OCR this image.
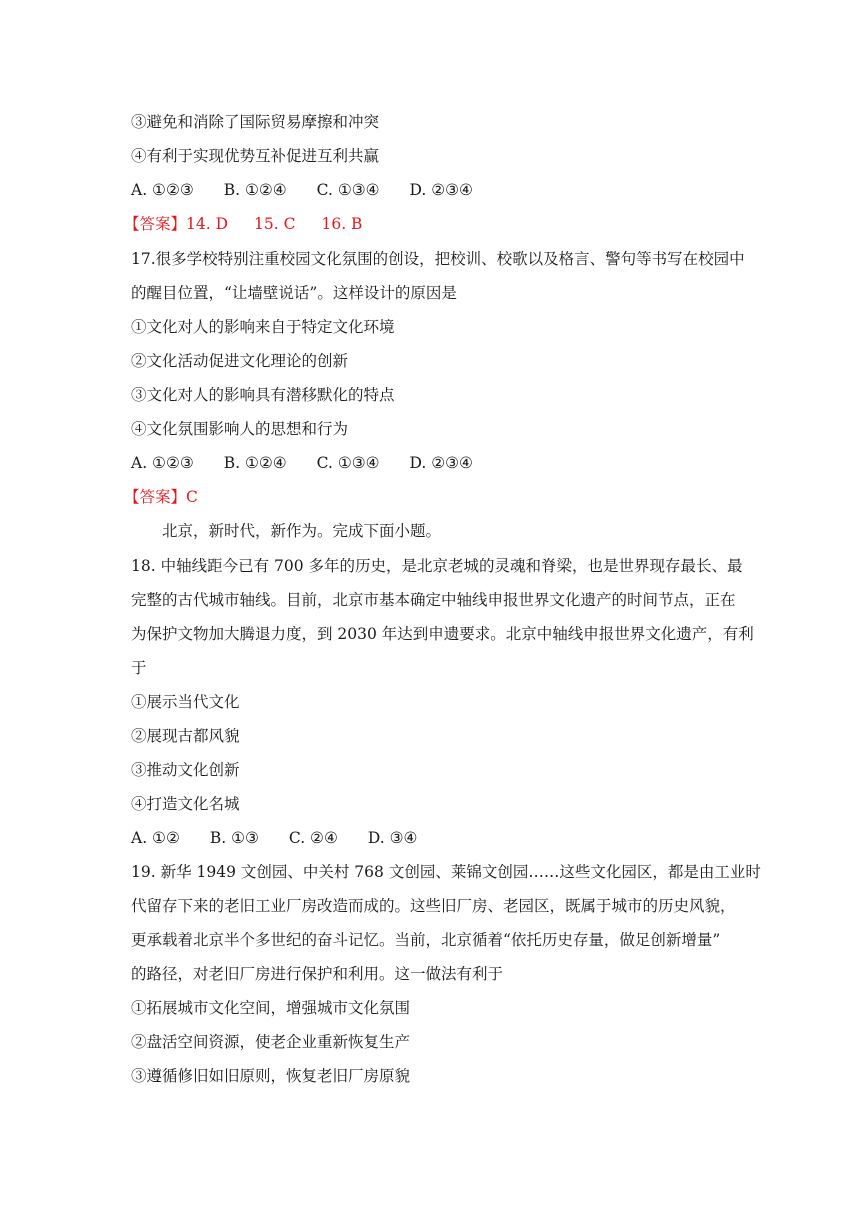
③避免和消除了国际贸易摩擦和冲突
④有利于实现优势互补促进互利共赢
A. ①②③ B. ①②④ C. ①③④ D. ②③④
【答案】14. D 15. C 16. B
17.很多学校特别注重校园文化氛围的创设，把校训、校歌以及格言、警句等书写在校园中
的醒目位置，“让墙壁说话”。这样设计的原因是
①文化对人的影响来自于特定文化环境
②文化活动促进文化理论的创新
③文化对人的影响具有潜移默化的特点
④文化氛围影响人的思想和行为
A. ①②③ B. ①②④ C. ①③④ D. ②③④
【答案】C
北京，新时代，新作为。完成下面小题。
18. 中轴线距今已有 700 多年的历史，是北京老城的灵魂和脊梁，也是世界现存最长、最
完整的古代城市轴线。目前，北京市基本确定中轴线申报世界文化遗产的时间节点，正在
为保护文物加大腾退力度，到 2030 年达到申遗要求。北京中轴线申报世界文化遗产，有利
于
①展示当代文化
②展现古都风貌
③推动文化创新
④打造文化名城
A. ①② B. ①③ C. ②④ D. ③④
19. 新华 1949 文创园、中关村 768 文创园、莱锦文创园……这些文化园区，都是由工业时
代留存下来的老旧工业厂房改造而成的。这些旧厂房、老园区，既属于城市的历史风貌，
更承载着北京半个多世纪的奋斗记忆。当前，北京循着“依托历史存量，做足创新增量”
的路径，对老旧厂房进行保护和利用。这一做法有利于
①拓展城市文化空间，增强城市文化氛围
②盘活空间资源，使老企业重新恢复生产
③遵循修旧如旧原则，恢复老旧厂房原貌
